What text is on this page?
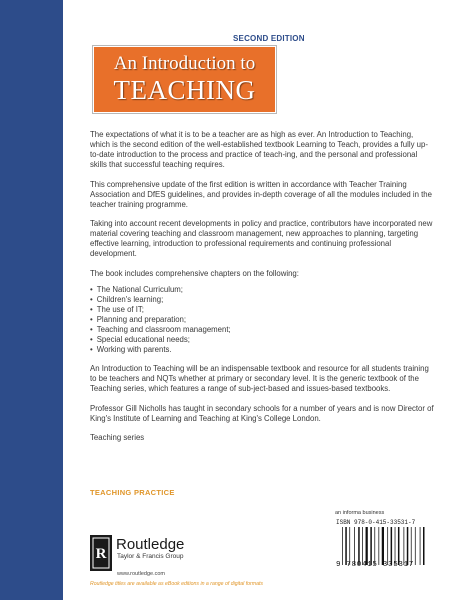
SECOND EDITION
An Introduction to
TEACHING

The expectations of what it is to be a teacher are as high as ever. An Introduction to Teaching, which is the second edition of the well-established textbook Learning to Teach, provides a fully up-to-date introduction to the process and practice of teach-ing, and the personal and professional skills that successful teaching requires.

This comprehensive update of the first edition is written in accordance with Teacher Training Association and DfES guidelines, and provides in-depth coverage of all the modules included in the teacher training programme.

Taking into account recent developments in policy and practice, contributors have incorporated new material covering teaching and classroom management, new approaches to planning, targeting effective learning, introduction to professional requirements and continuing professional development.

The book includes comprehensive chapters on the following:

• The National Curriculum;
• Children's learning;
• The use of IT;
• Planning and preparation;
• Teaching and classroom management;
• Special educational needs;
• Working with parents.

An Introduction to Teaching will be an indispensable textbook and resource for all students training to be teachers and NQTs whether at primary or secondary level. It is the generic textbook of the Teaching series, which features a range of sub-ject-based and issues-based textbooks.

Professor Gill Nicholls has taught in secondary schools for a number of years and is now Director of King's Institute of Learning and Teaching at King's College London.

Teaching series

TEACHING PRACTICE
an informa business
ISBN 978-0-415-33531-7
9 780415 335317
R
Routledge
Taylor & Francis Group
www.routledge.com
Routledge titles are available as eBook editions in a range of digital formats
